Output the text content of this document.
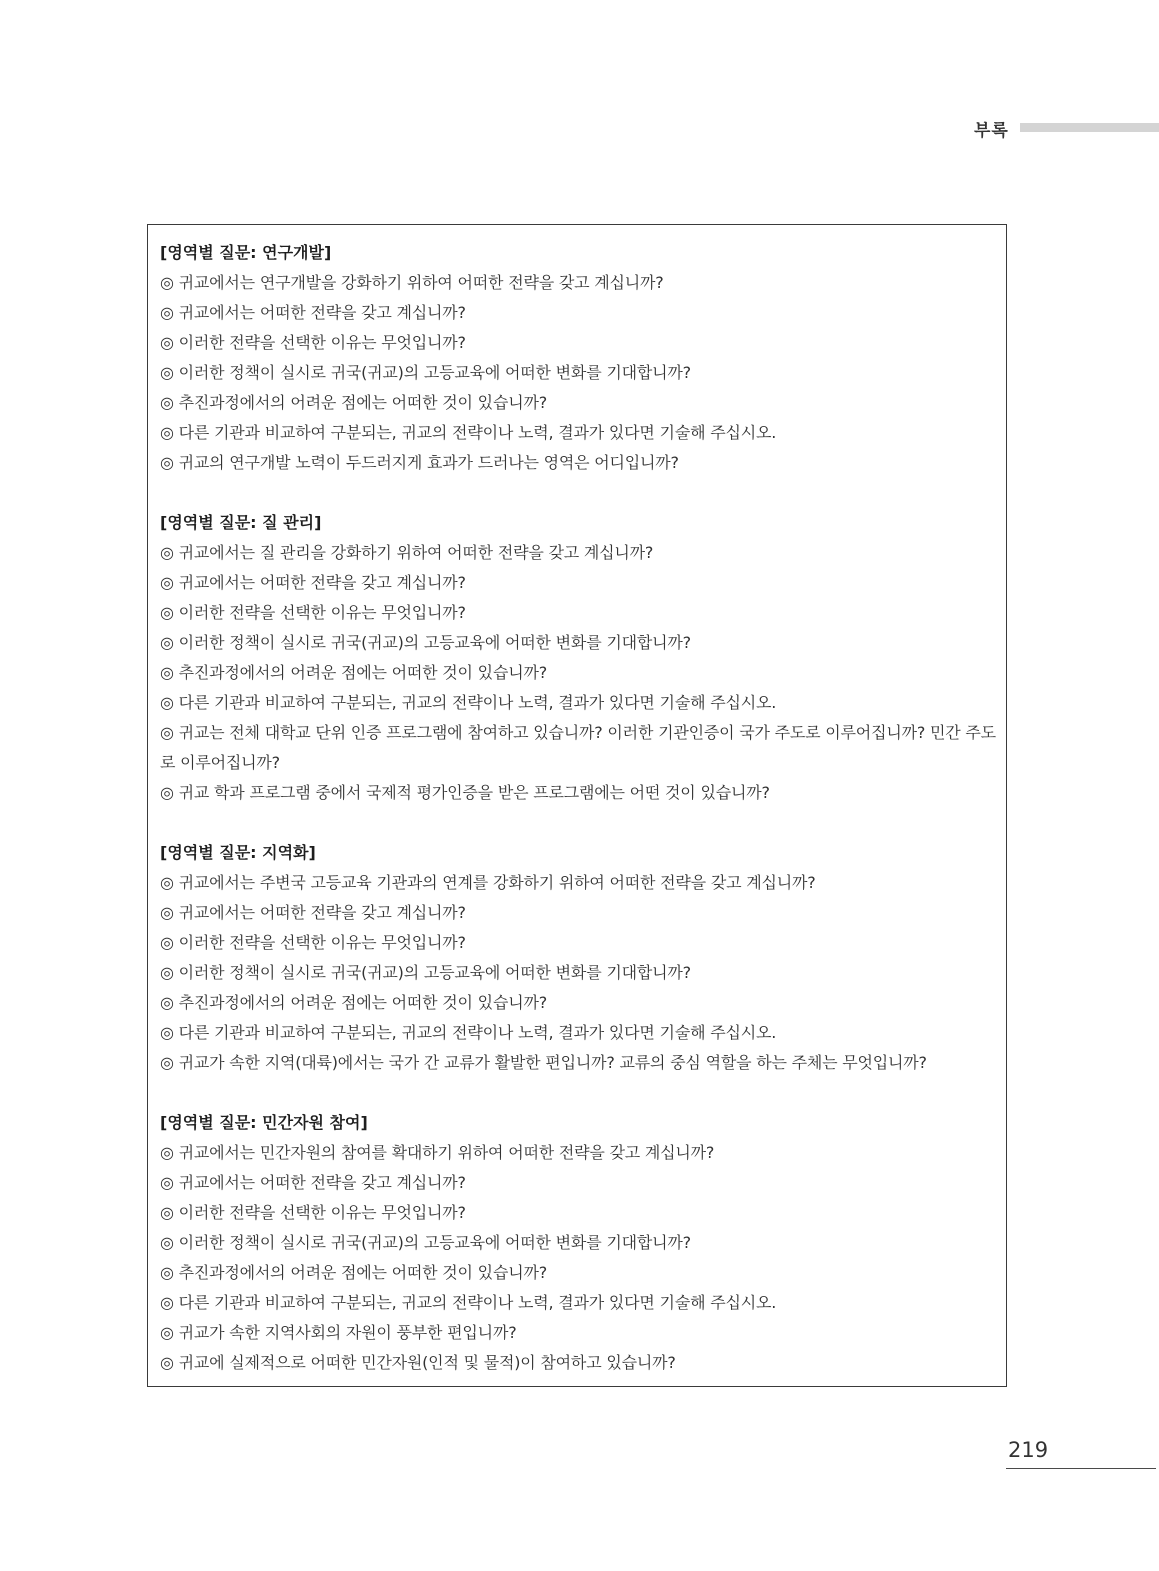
부록
[영역별 질문: 연구개발]
◎ 귀교에서는 연구개발을 강화하기 위하여 어떠한 전략을 갖고 계십니까?
◎ 귀교에서는 어떠한 전략을 갖고 계십니까?
◎ 이러한 전략을 선택한 이유는 무엇입니까?
◎ 이러한 정책이 실시로 귀국(귀교)의 고등교육에 어떠한 변화를 기대합니까?
◎ 추진과정에서의 어려운 점에는 어떠한 것이 있습니까?
◎ 다른 기관과 비교하여 구분되는, 귀교의 전략이나 노력, 결과가 있다면 기술해 주십시오.
◎ 귀교의 연구개발 노력이 두드러지게 효과가 드러나는 영역은 어디입니까?
[영역별 질문: 질 관리]
◎ 귀교에서는 질 관리을 강화하기 위하여 어떠한 전략을 갖고 계십니까?
◎ 귀교에서는 어떠한 전략을 갖고 계십니까?
◎ 이러한 전략을 선택한 이유는 무엇입니까?
◎ 이러한 정책이 실시로 귀국(귀교)의 고등교육에 어떠한 변화를 기대합니까?
◎ 추진과정에서의 어려운 점에는 어떠한 것이 있습니까?
◎ 다른 기관과 비교하여 구분되는, 귀교의 전략이나 노력, 결과가 있다면 기술해 주십시오.
◎ 귀교는 전체 대학교 단위 인증 프로그램에 참여하고 있습니까? 이러한 기관인증이 국가 주도로 이루어집니까? 민간 주도로 이루어집니까?
◎ 귀교 학과 프로그램 중에서 국제적 평가인증을 받은 프로그램에는 어떤 것이 있습니까?
[영역별 질문: 지역화]
◎ 귀교에서는 주변국 고등교육 기관과의 연계를 강화하기 위하여 어떠한 전략을 갖고 계십니까?
◎ 귀교에서는 어떠한 전략을 갖고 계십니까?
◎ 이러한 전략을 선택한 이유는 무엇입니까?
◎ 이러한 정책이 실시로 귀국(귀교)의 고등교육에 어떠한 변화를 기대합니까?
◎ 추진과정에서의 어려운 점에는 어떠한 것이 있습니까?
◎ 다른 기관과 비교하여 구분되는, 귀교의 전략이나 노력, 결과가 있다면 기술해 주십시오.
◎ 귀교가 속한 지역(대륙)에서는 국가 간 교류가 활발한 편입니까? 교류의 중심 역할을 하는 주체는 무엇입니까?
[영역별 질문: 민간자원 참여]
◎ 귀교에서는 민간자원의 참여를 확대하기 위하여 어떠한 전략을 갖고 계십니까?
◎ 귀교에서는 어떠한 전략을 갖고 계십니까?
◎ 이러한 전략을 선택한 이유는 무엇입니까?
◎ 이러한 정책이 실시로 귀국(귀교)의 고등교육에 어떠한 변화를 기대합니까?
◎ 추진과정에서의 어려운 점에는 어떠한 것이 있습니까?
◎ 다른 기관과 비교하여 구분되는, 귀교의 전략이나 노력, 결과가 있다면 기술해 주십시오.
◎ 귀교가 속한 지역사회의 자원이 풍부한 편입니까?
◎ 귀교에 실제적으로 어떠한 민간자원(인적 및 물적)이 참여하고 있습니까?
219
